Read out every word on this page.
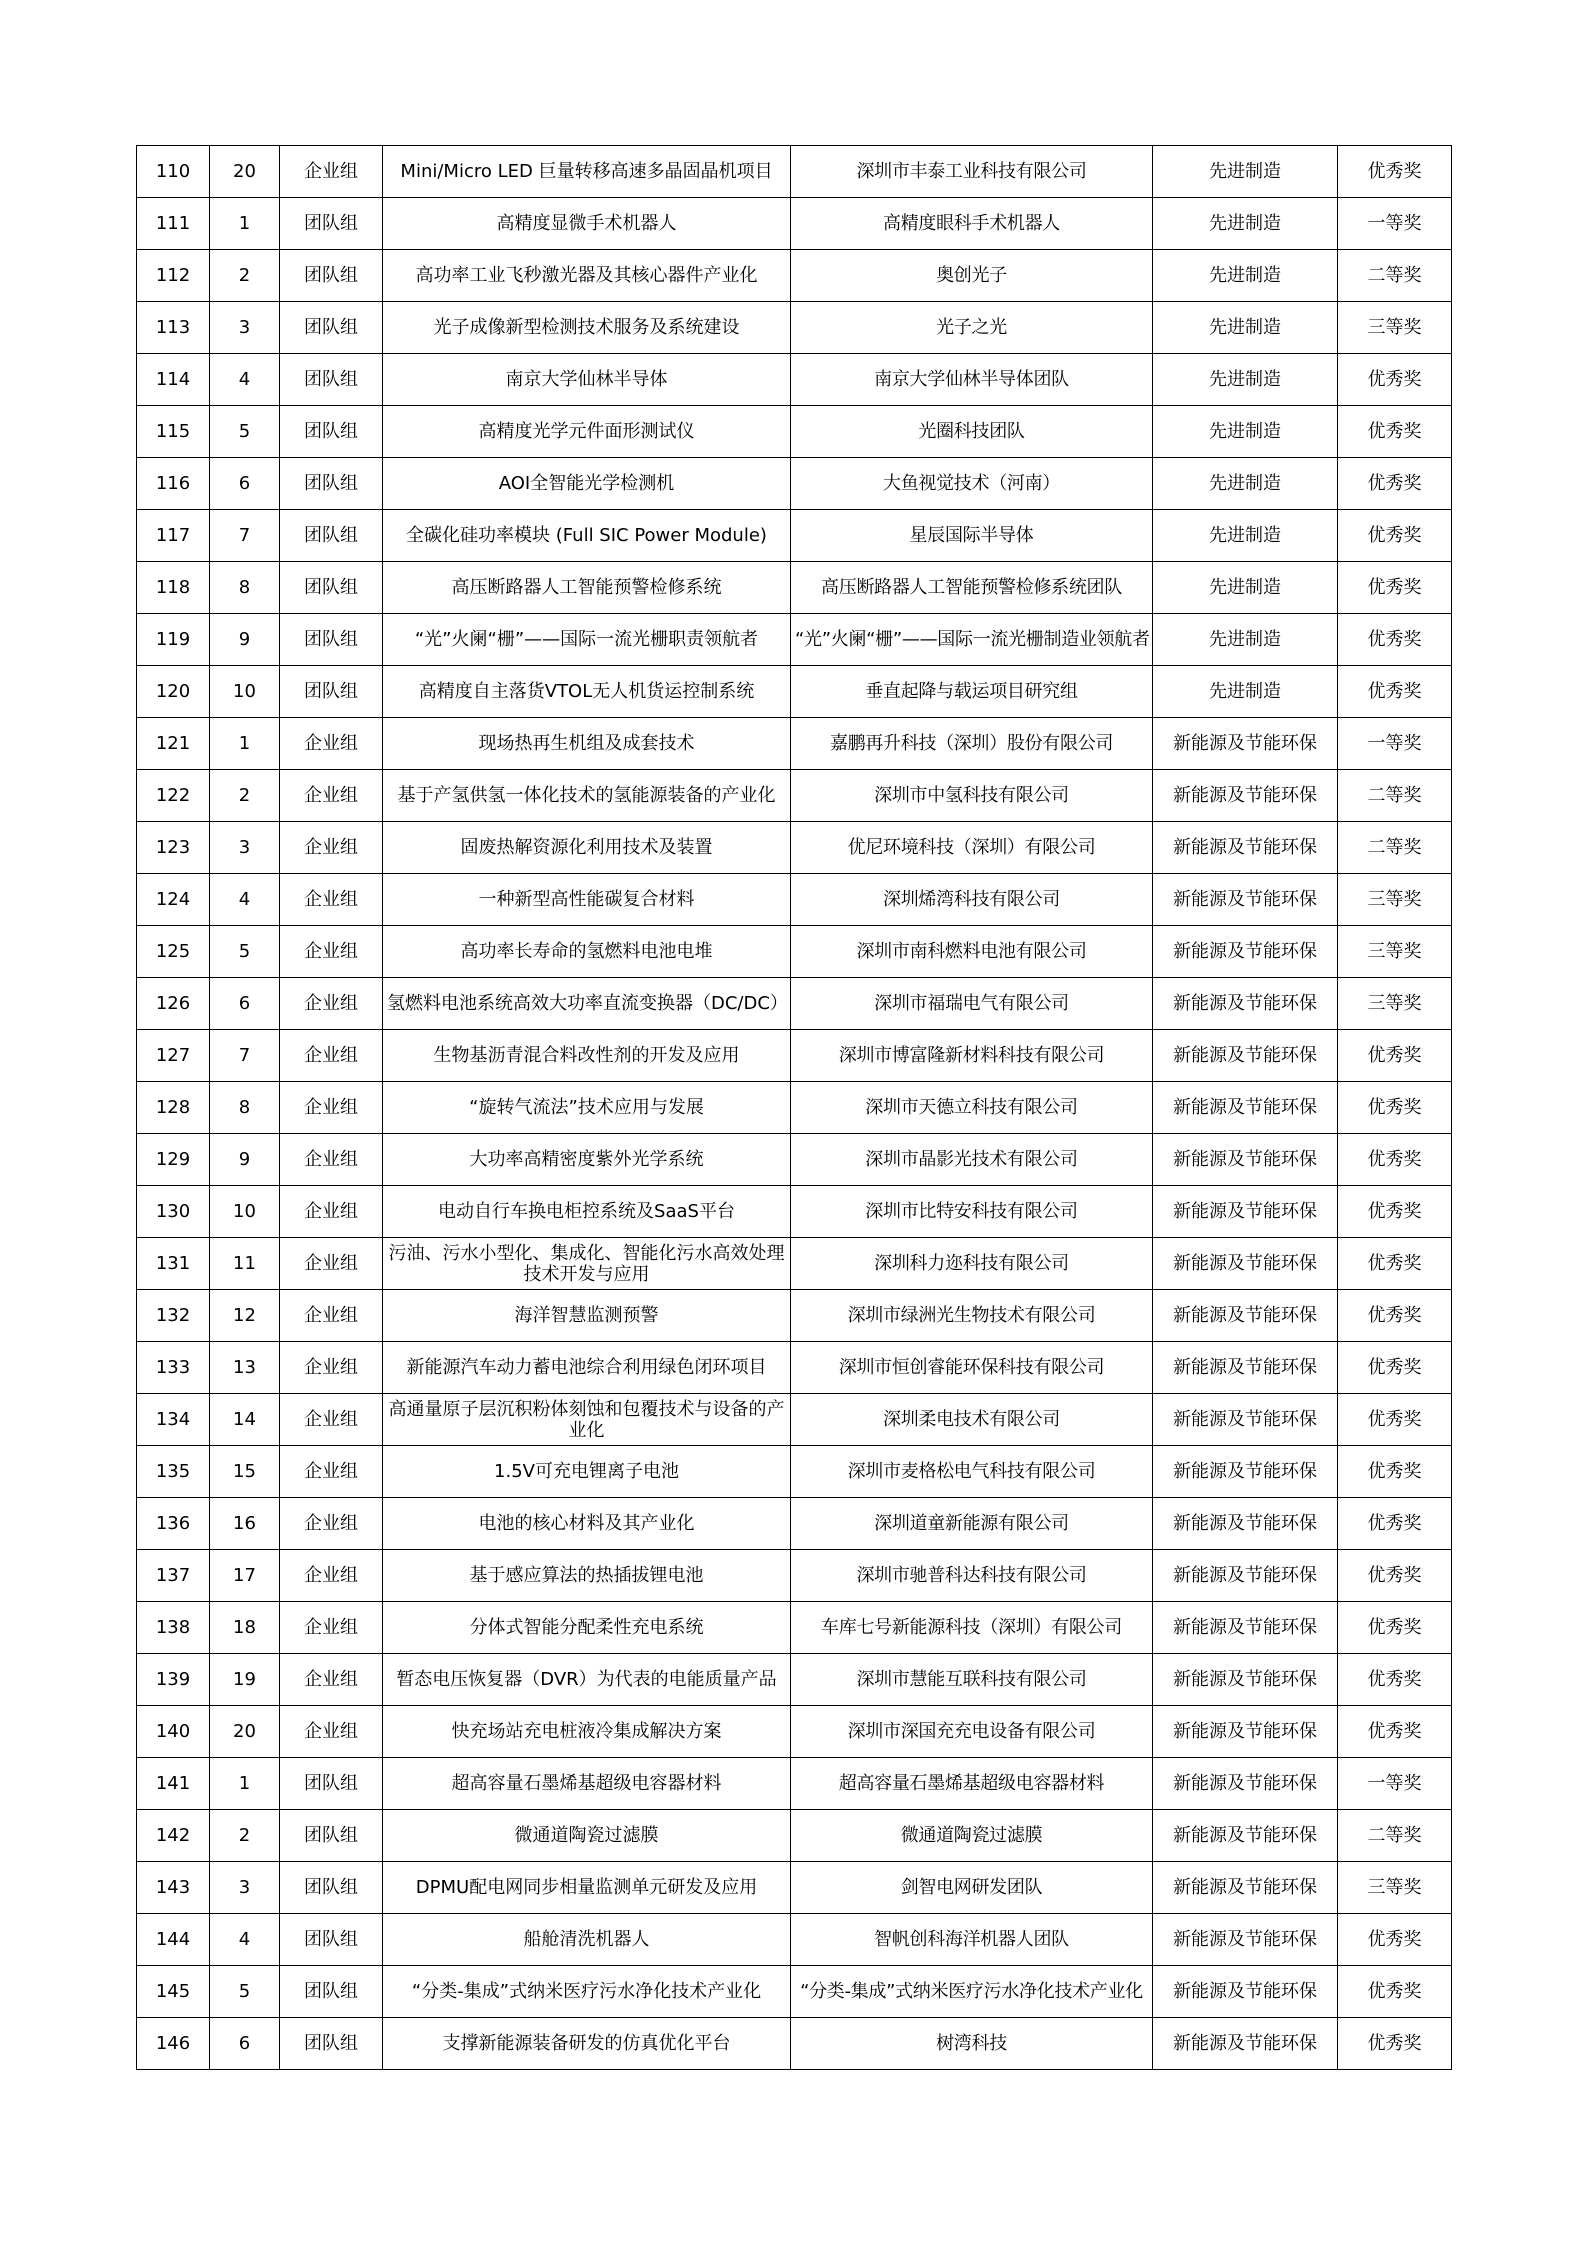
110	20	企业组	Mini/Micro LED 巨量转移高速多晶固晶机项目	深圳市丰泰工业科技有限公司	先进制造	优秀奖
111	1	团队组	高精度显微手术机器人	高精度眼科手术机器人	先进制造	一等奖
112	2	团队组	高功率工业飞秒激光器及其核心器件产业化	奥创光子	先进制造	二等奖
113	3	团队组	光子成像新型检测技术服务及系统建设	光子之光	先进制造	三等奖
114	4	团队组	南京大学仙林半导体	南京大学仙林半导体团队	先进制造	优秀奖
115	5	团队组	高精度光学元件面形测试仪	光圈科技团队	先进制造	优秀奖
116	6	团队组	AOI全智能光学检测机	大鱼视觉技术（河南）	先进制造	优秀奖
117	7	团队组	全碳化硅功率模块 (Full SIC Power Module)	星辰国际半导体	先进制造	优秀奖
118	8	团队组	高压断路器人工智能预警检修系统	高压断路器人工智能预警检修系统团队	先进制造	优秀奖
119	9	团队组	“光”火阑“栅”——国际一流光栅职责领航者	“光”火阑“栅”——国际一流光栅制造业领航者	先进制造	优秀奖
120	10	团队组	高精度自主落货VTOL无人机货运控制系统	垂直起降与载运项目研究组	先进制造	优秀奖
121	1	企业组	现场热再生机组及成套技术	嘉鹏再升科技（深圳）股份有限公司	新能源及节能环保	一等奖
122	2	企业组	基于产氢供氢一体化技术的氢能源装备的产业化	深圳市中氢科技有限公司	新能源及节能环保	二等奖
123	3	企业组	固废热解资源化利用技术及装置	优尼环境科技（深圳）有限公司	新能源及节能环保	二等奖
124	4	企业组	一种新型高性能碳复合材料	深圳烯湾科技有限公司	新能源及节能环保	三等奖
125	5	企业组	高功率长寿命的氢燃料电池电堆	深圳市南科燃料电池有限公司	新能源及节能环保	三等奖
126	6	企业组	氢燃料电池系统高效大功率直流变换器（DC/DC）	深圳市福瑞电气有限公司	新能源及节能环保	三等奖
127	7	企业组	生物基沥青混合料改性剂的开发及应用	深圳市博富隆新材料科技有限公司	新能源及节能环保	优秀奖
128	8	企业组	“旋转气流法”技术应用与发展	深圳市天德立科技有限公司	新能源及节能环保	优秀奖
129	9	企业组	大功率高精密度紫外光学系统	深圳市晶影光技术有限公司	新能源及节能环保	优秀奖
130	10	企业组	电动自行车换电柜控系统及SaaS平台	深圳市比特安科技有限公司	新能源及节能环保	优秀奖
131	11	企业组	污油、污水小型化、集成化、智能化污水高效处理技术开发与应用	深圳科力迩科技有限公司	新能源及节能环保	优秀奖
132	12	企业组	海洋智慧监测预警	深圳市绿洲光生物技术有限公司	新能源及节能环保	优秀奖
133	13	企业组	新能源汽车动力蓄电池综合利用绿色闭环项目	深圳市恒创睿能环保科技有限公司	新能源及节能环保	优秀奖
134	14	企业组	高通量原子层沉积粉体刻蚀和包覆技术与设备的产业化	深圳柔电技术有限公司	新能源及节能环保	优秀奖
135	15	企业组	1.5V可充电锂离子电池	深圳市麦格松电气科技有限公司	新能源及节能环保	优秀奖
136	16	企业组	电池的核心材料及其产业化	深圳道童新能源有限公司	新能源及节能环保	优秀奖
137	17	企业组	基于感应算法的热插拔锂电池	深圳市驰普科达科技有限公司	新能源及节能环保	优秀奖
138	18	企业组	分体式智能分配柔性充电系统	车库七号新能源科技（深圳）有限公司	新能源及节能环保	优秀奖
139	19	企业组	暂态电压恢复器（DVR）为代表的电能质量产品	深圳市慧能互联科技有限公司	新能源及节能环保	优秀奖
140	20	企业组	快充场站充电桩液冷集成解决方案	深圳市深国充充电设备有限公司	新能源及节能环保	优秀奖
141	1	团队组	超高容量石墨烯基超级电容器材料	超高容量石墨烯基超级电容器材料	新能源及节能环保	一等奖
142	2	团队组	微通道陶瓷过滤膜	微通道陶瓷过滤膜	新能源及节能环保	二等奖
143	3	团队组	DPMU配电网同步相量监测单元研发及应用	剑智电网研发团队	新能源及节能环保	三等奖
144	4	团队组	船舱清洗机器人	智帆创科海洋机器人团队	新能源及节能环保	优秀奖
145	5	团队组	“分类-集成”式纳米医疗污水净化技术产业化	“分类-集成”式纳米医疗污水净化技术产业化	新能源及节能环保	优秀奖
146	6	团队组	支撑新能源装备研发的仿真优化平台	树湾科技	新能源及节能环保	优秀奖
